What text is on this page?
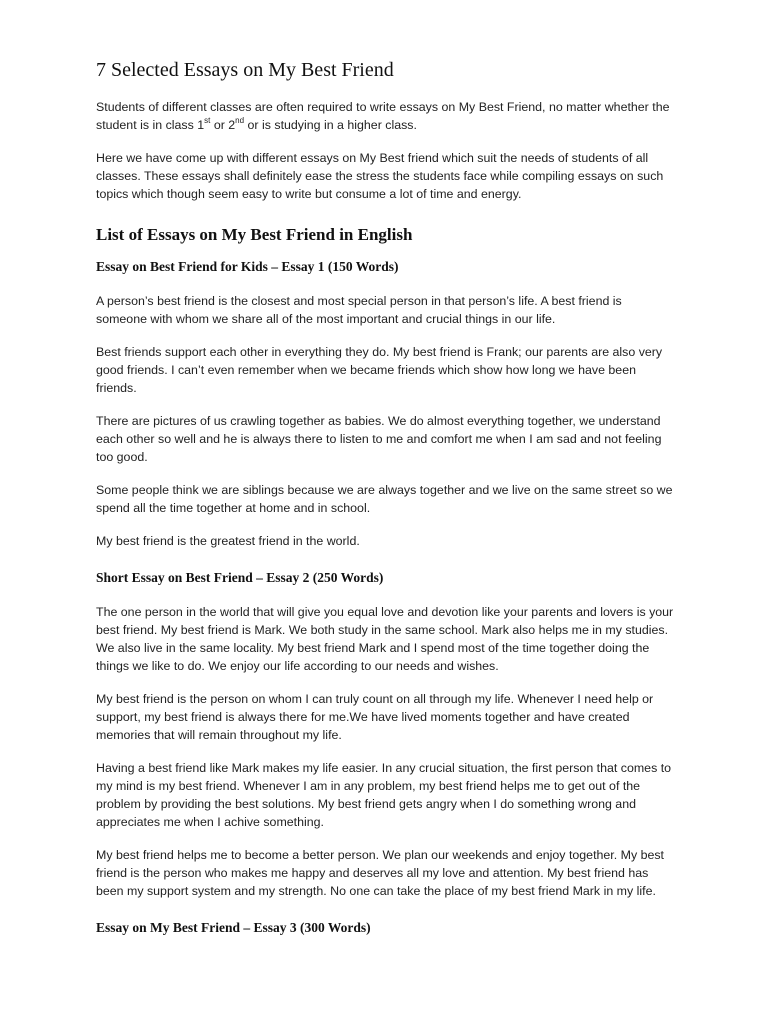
7 Selected Essays on My Best Friend

Students of different classes are often required to write essays on My Best Friend, no matter whether the student is in class 1st or 2nd or is studying in a higher class.

Here we have come up with different essays on My Best friend which suit the needs of students of all classes. These essays shall definitely ease the stress the students face while compiling essays on such topics which though seem easy to write but consume a lot of time and energy.

List of Essays on My Best Friend in English
Essay on Best Friend for Kids – Essay 1 (150 Words)

A person’s best friend is the closest and most special person in that person’s life. A best friend is someone with whom we share all of the most important and crucial things in our life.

Best friends support each other in everything they do. My best friend is Frank; our parents are also very good friends. I can’t even remember when we became friends which show how long we have been friends.

There are pictures of us crawling together as babies. We do almost everything together, we understand each other so well and he is always there to listen to me and comfort me when I am sad and not feeling too good.

Some people think we are siblings because we are always together and we live on the same street so we spend all the time together at home and in school.

My best friend is the greatest friend in the world.

Short Essay on Best Friend – Essay 2 (250 Words)

The one person in the world that will give you equal love and devotion like your parents and lovers is your best friend. My best friend is Mark. We both study in the same school. Mark also helps me in my studies. We also live in the same locality. My best friend Mark and I spend most of the time together doing the things we like to do. We enjoy our life according to our needs and wishes.

My best friend is the person on whom I can truly count on all through my life. Whenever I need help or support, my best friend is always there for me.We have lived moments together and have created memories that will remain throughout my life.

Having a best friend like Mark makes my life easier. In any crucial situation, the first person that comes to my mind is my best friend. Whenever I am in any problem, my best friend helps me to get out of the problem by providing the best solutions. My best friend gets angry when I do something wrong and appreciates me when I achive something.

My best friend helps me to become a better person. We plan our weekends and enjoy together. My best friend is the person who makes me happy and deserves all my love and attention. My best friend has been my support system and my strength. No one can take the place of my best friend Mark in my life.

Essay on My Best Friend – Essay 3 (300 Words)
